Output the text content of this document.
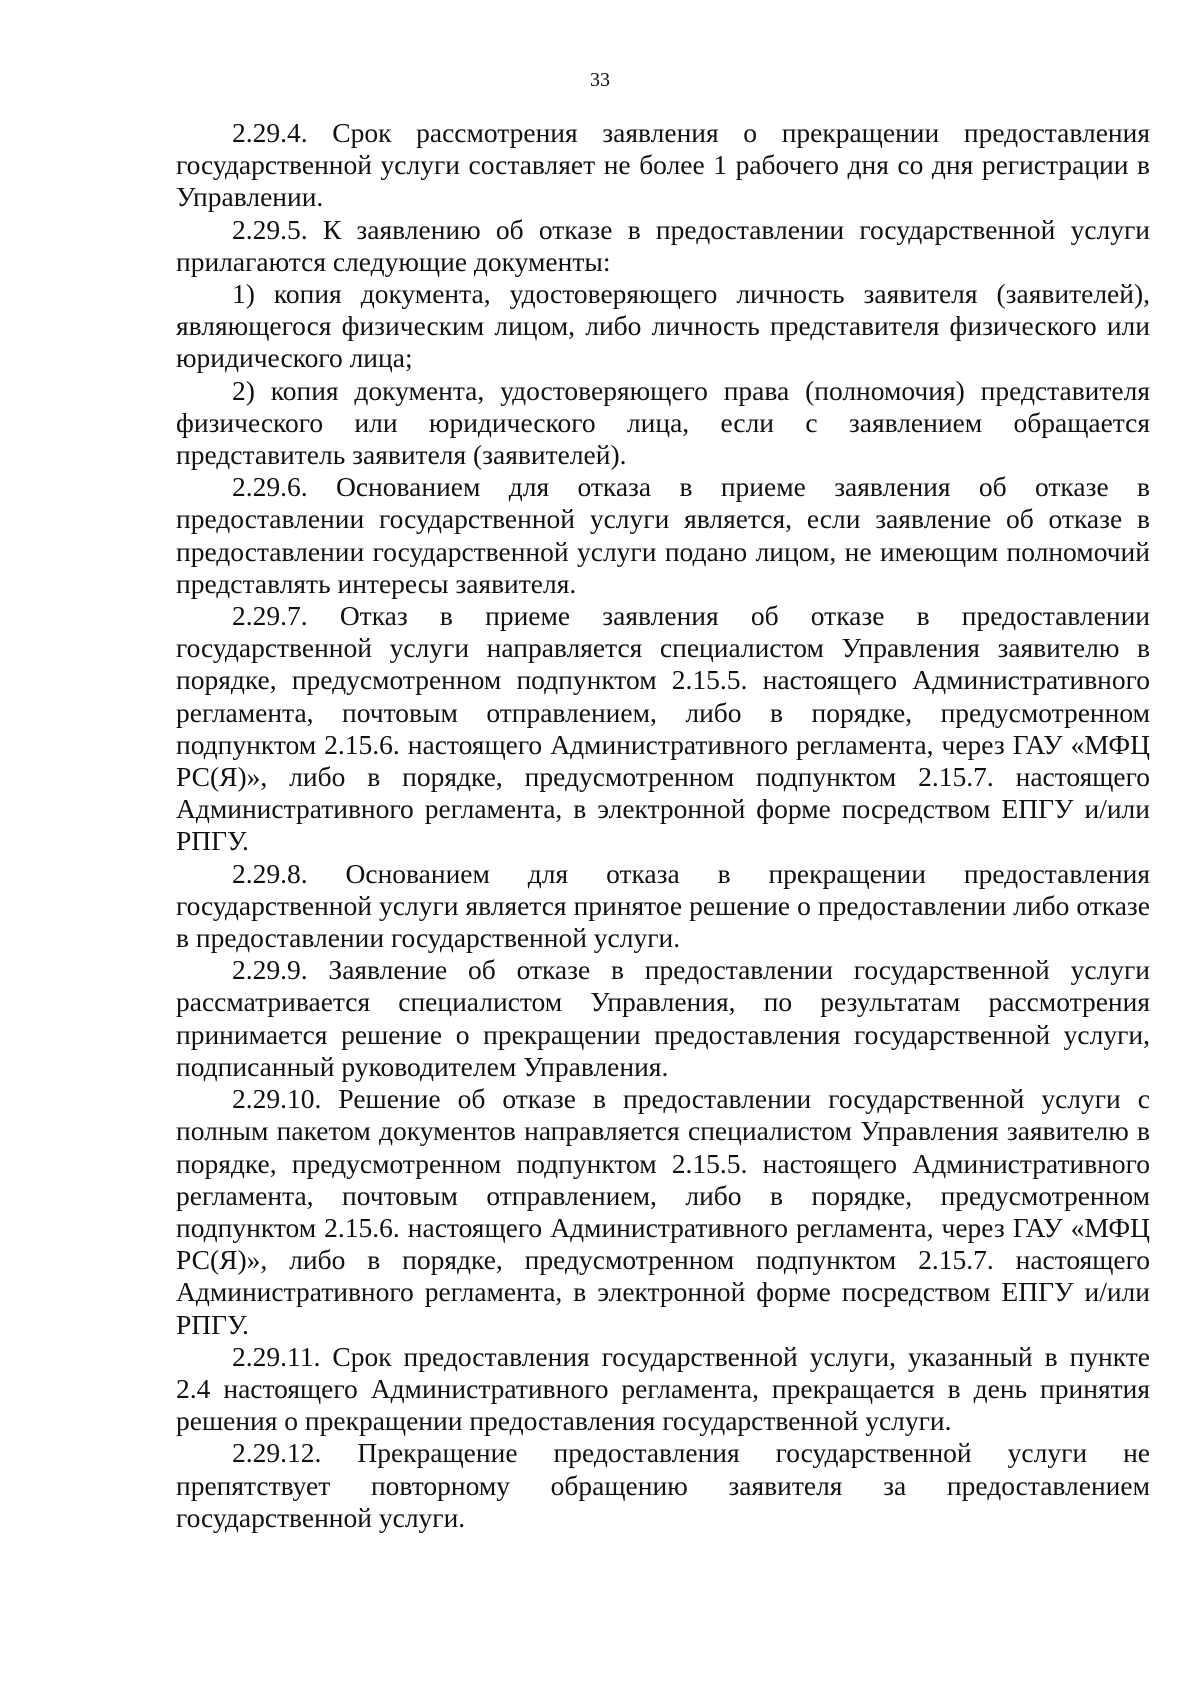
33

2.29.4. Срок рассмотрения заявления о прекращении предоставления государственной услуги составляет не более 1 рабочего дня со дня регистрации в Управлении.

2.29.5. К заявлению об отказе в предоставлении государственной услуги прилагаются следующие документы:

1) копия документа, удостоверяющего личность заявителя (заявителей), являющегося физическим лицом, либо личность представителя физического или юридического лица;

2) копия документа, удостоверяющего права (полномочия) представителя физического или юридического лица, если с заявлением обращается представитель заявителя (заявителей).

2.29.6. Основанием для отказа в приеме заявления об отказе в предоставлении государственной услуги является, если заявление об отказе в предоставлении государственной услуги подано лицом, не имеющим полномочий представлять интересы заявителя.

2.29.7. Отказ в приеме заявления об отказе в предоставлении государственной услуги направляется специалистом Управления заявителю в порядке, предусмотренном подпунктом 2.15.5. настоящего Административного регламента, почтовым отправлением, либо в порядке, предусмотренном подпунктом 2.15.6. настоящего Административного регламента, через ГАУ «МФЦ РС(Я)», либо в порядке, предусмотренном подпунктом 2.15.7. настоящего Административного регламента, в электронной форме посредством ЕПГУ и/или РПГУ.

2.29.8. Основанием для отказа в прекращении предоставления государственной услуги является принятое решение о предоставлении либо отказе в предоставлении государственной услуги.

2.29.9. Заявление об отказе в предоставлении государственной услуги рассматривается специалистом Управления, по результатам рассмотрения принимается решение о прекращении предоставления государственной услуги, подписанный руководителем Управления.

2.29.10. Решение об отказе в предоставлении государственной услуги с полным пакетом документов направляется специалистом Управления заявителю в порядке, предусмотренном подпунктом 2.15.5. настоящего Административного регламента, почтовым отправлением, либо в порядке, предусмотренном подпунктом 2.15.6. настоящего Административного регламента, через ГАУ «МФЦ РС(Я)», либо в порядке, предусмотренном подпунктом 2.15.7. настоящего Административного регламента, в электронной форме посредством ЕПГУ и/или РПГУ.

2.29.11. Срок предоставления государственной услуги, указанный в пункте 2.4 настоящего Административного регламента, прекращается в день принятия решения о прекращении предоставления государственной услуги.

2.29.12. Прекращение предоставления государственной услуги не препятствует повторному обращению заявителя за предоставлением государственной услуги.
